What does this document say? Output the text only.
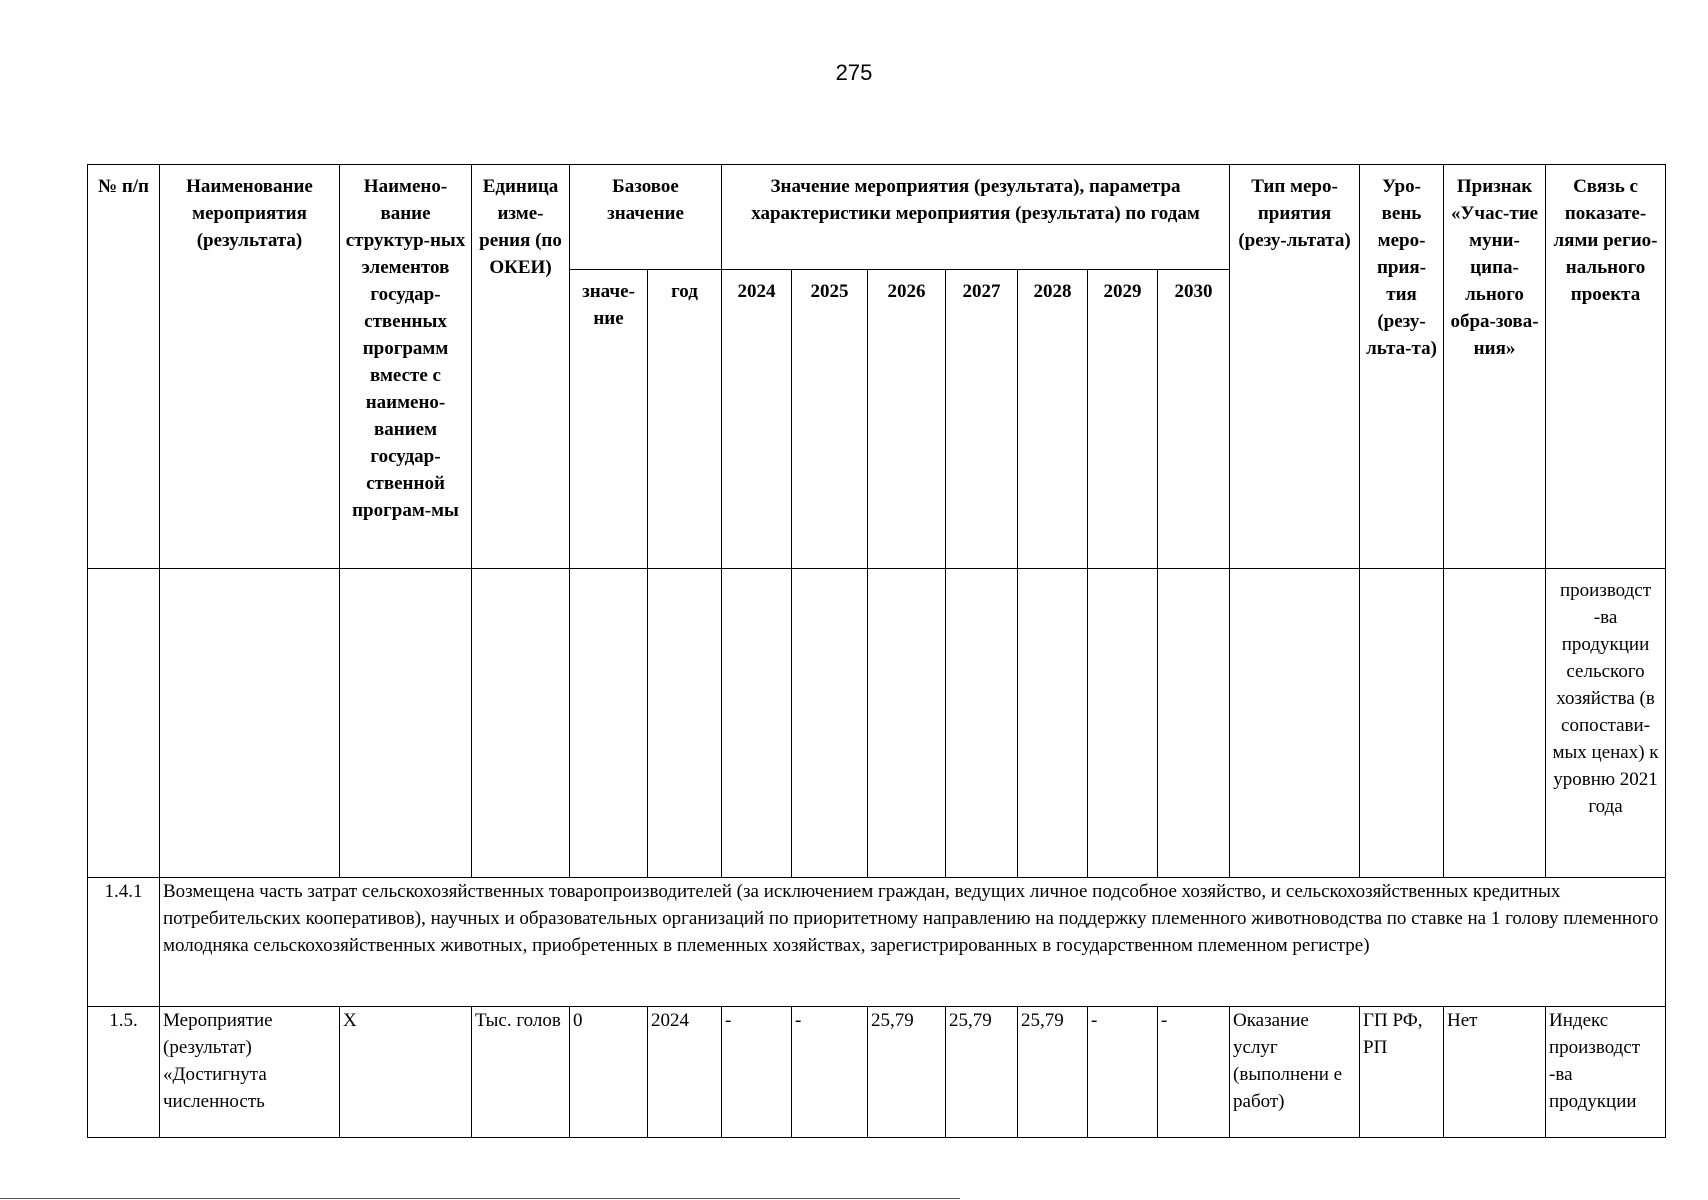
275
№ п/п	Наименование мероприятия (результата)	Наимено-вание структур-ных элементов государ-ственных программ вместе с наимено-ванием государ-ственной програм-мы	Единица изме-рения (по ОКЕИ)	Базовое значение		Значение мероприятия (результата), параметра характеристики мероприятия (результата) по годам							Тип меро-приятия (резу-льтата)	Уро-вень меро-прия-тия (резу-льта-та)	Признак «Учас-тие муни-ципа-льного обра-зова-ния»	Связь с показате-лями регио-нального проекта
				значе-ние	год	2024	2025	2026	2027	2028	2029	2030				
																производст -ва продукции сельского хозяйства (в сопостави-мых ценах) к уровню 2021 года
1.4.1	Возмещена часть затрат сельскохозяйственных товаропроизводителей (за исключением граждан, ведущих личное подсобное хозяйство, и сельскохозяйственных кредитных потребительских кооперативов), научных и образовательных организаций по приоритетному направлению на поддержку племенного животноводства по ставке на 1 голову племенного молодняка сельскохозяйственных животных, приобретенных в племенных хозяйствах, зарегистрированных в государственном племенном регистре)															
1.5.	Мероприятие (результат) «Достигнута численность	Х	Тыс. голов	0	2024	-	-	25,79	25,79	25,79	-	-	Оказание услуг (выполнени е работ)	ГП РФ, РП	Нет	Индекс производст -ва продукции
